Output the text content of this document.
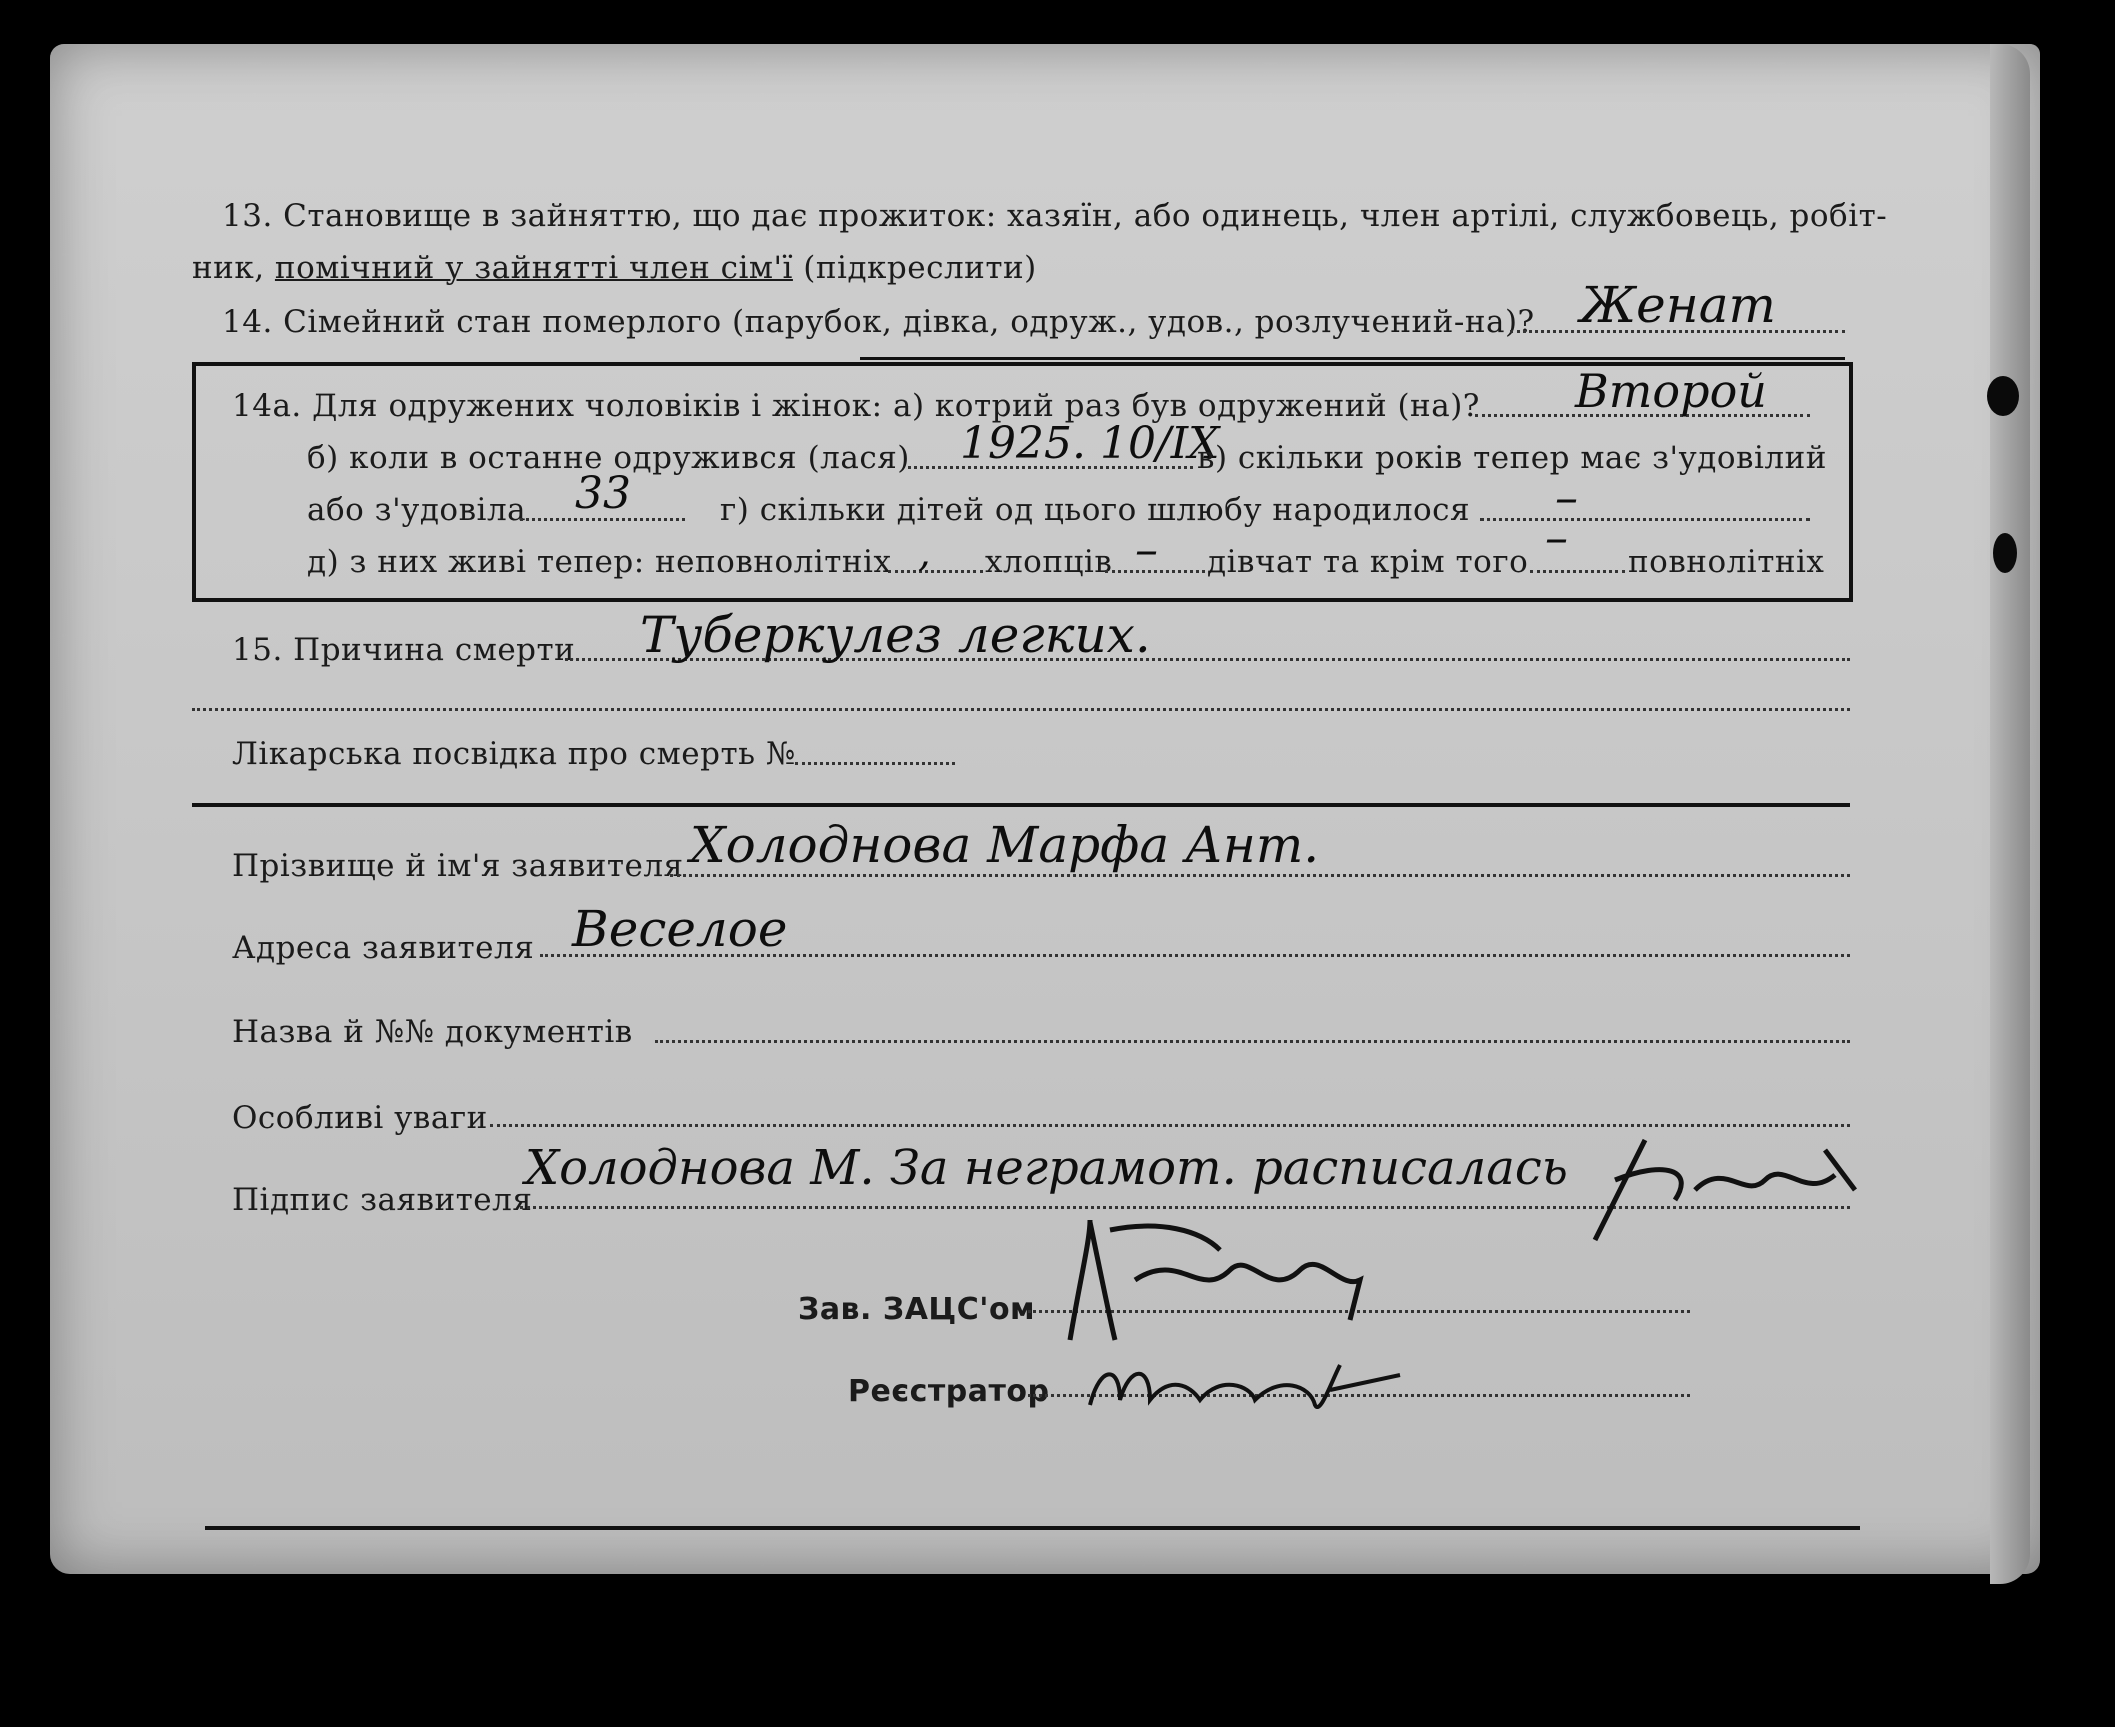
13. Становище в зайняттю, що дає прожиток: хазяїн, або одинець, член артілі, службовець, робіт-
ник, помічний у зайнятті член сім'ї (підкреслити)
14. Сімейний стан померлого (парубок, дівка, одруж., удов., розлучений-на)? Женат
14а. Для одружених чоловіків і жінок: а) котрий раз був одружений (на)? Второй
б) коли в останне одружився (лася) 1925. 10/IX
в) скільки років тепер має з'удовілий
або з'удовіла 33	г) скільки дітей од цього шлюбу народилося –
д) з них живі тепер: неповнолітніх , хлопців – дівчат та крім того – повнолітніх
15. Причина смерти Туберкулез легких.
Лікарська посвідка про смерть №
Прізвище й ім'я заявителя Холоднова Марфа Ант.
Адреса заявителя Веселое
Назва й №№ документів
Особливі уваги
Підпис заявителя
Холоднова М. За неграмот. расписалась
Зав. ЗАЦС'ом
Реєстратор
